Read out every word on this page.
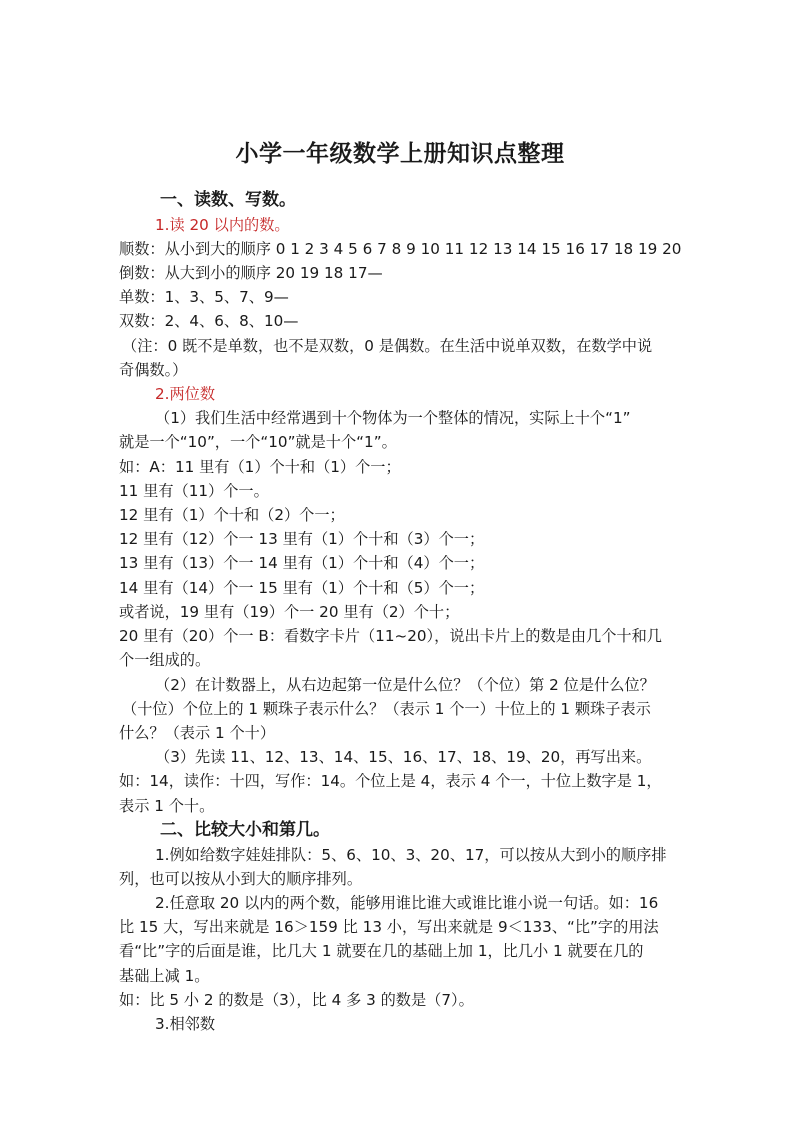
小学一年级数学上册知识点整理
一、读数、写数。
1.读 20 以内的数。
顺数：从小到大的顺序 0 1 2 3 4 5 6 7 8 9 10 11 12 13 14 15 16 17 18 19 20
倒数：从大到小的顺序 20 19 18 17—
单数：1、3、5、7、9—
双数：2、4、6、8、10—
（注：0 既不是单数，也不是双数，0 是偶数。在生活中说单双数，在数学中说
奇偶数。）
2.两位数
（1）我们生活中经常遇到十个物体为一个整体的情况，实际上十个“1”
就是一个“10”，一个“10”就是十个“1”。
如：A：11 里有（1）个十和（1）个一；
11 里有（11）个一。
12 里有（1）个十和（2）个一；
12 里有（12）个一 13 里有（1）个十和（3）个一；
13 里有（13）个一 14 里有（1）个十和（4）个一；
14 里有（14）个一 15 里有（1）个十和（5）个一；
或者说，19 里有（19）个一 20 里有（2）个十；
20 里有（20）个一 B：看数字卡片（11~20），说出卡片上的数是由几个十和几
个一组成的。
（2）在计数器上，从右边起第一位是什么位？（个位）第 2 位是什么位？
（十位）个位上的 1 颗珠子表示什么？（表示 1 个一）十位上的 1 颗珠子表示
什么？（表示 1 个十）
（3）先读 11、12、13、14、15、16、17、18、19、20，再写出来。
如：14，读作：十四，写作：14。个位上是 4，表示 4 个一，十位上数字是 1，
表示 1 个十。
二、比较大小和第几。
1.例如给数字娃娃排队：5、6、10、3、20、17，可以按从大到小的顺序排
列，也可以按从小到大的顺序排列。
2.任意取 20 以内的两个数，能够用谁比谁大或谁比谁小说一句话。如：16
比 15 大，写出来就是 16＞159 比 13 小，写出来就是 9＜133、“比”字的用法
看“比”字的后面是谁，比几大 1 就要在几的基础上加 1，比几小 1 就要在几的
基础上减 1。
如：比 5 小 2 的数是（3），比 4 多 3 的数是（7）。
3.相邻数
